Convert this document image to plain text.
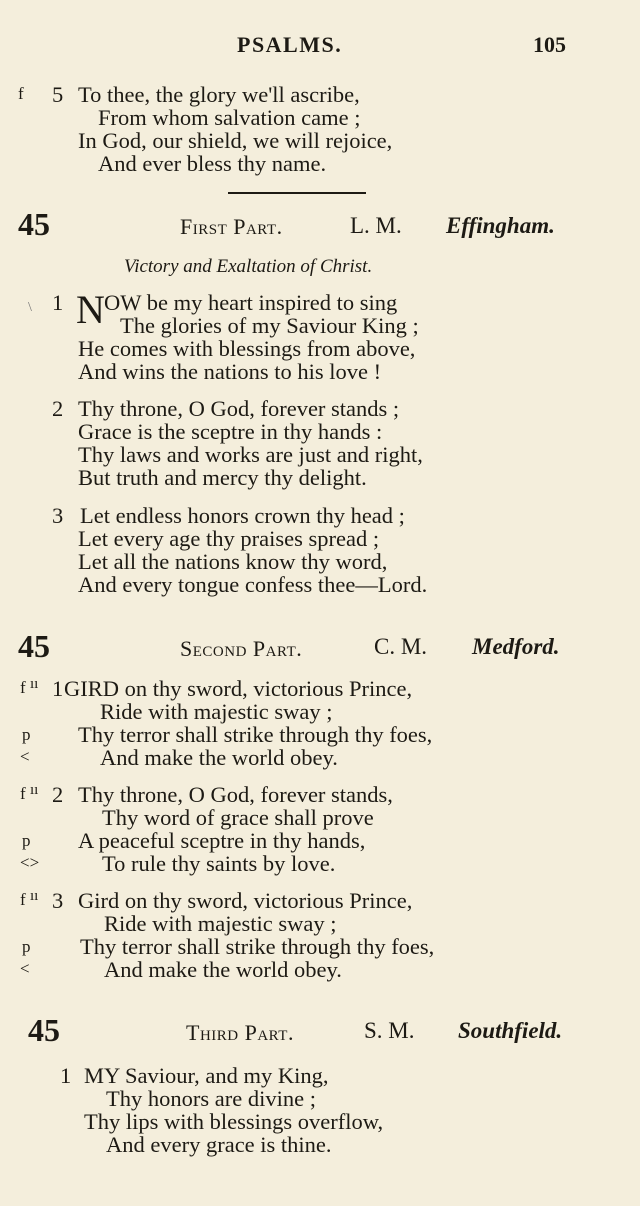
PSALMS.	105
f 5 To thee, the glory we'll ascribe,
From whom salvation came ;
In God, our shield, we will rejoice,
And ever bless thy name.
45	First Part.	L. M. Effingham.
Victory and Exaltation of Christ.
\ 1 N OW be my heart inspired to sing
The glories of my Saviour King ;
He comes with blessings from above,
And wins the nations to his love !
2 Thy throne, O God, forever stands ;
Grace is the sceptre in thy hands :
Thy laws and works are just and right,
But truth and mercy thy delight.
3 Let endless honors crown thy head ;
Let every age thy praises spread ;
Let all the nations know thy word,
And every tongue confess thee—Lord.
45	Second Part.	C. M. Medford.
f ıı 1 GIRD on thy sword, victorious Prince,
Ride with majestic sway ;
p Thy terror shall strike through thy foes,
<	And make the world obey.
f ıı 2 Thy throne, O God, forever stands,
Thy word of grace shall prove
p A peaceful sceptre in thy hands,
<>	To rule thy saints by love.
f ıı 3 Gird on thy sword, victorious Prince,
Ride with majestic sway ;
p Thy terror shall strike through thy foes,
<	And make the world obey.
45	Third Part.	S. M. Southfield.
1 MY Saviour, and my King,
Thy honors are divine ;
Thy lips with blessings overflow,
And every grace is thine.
